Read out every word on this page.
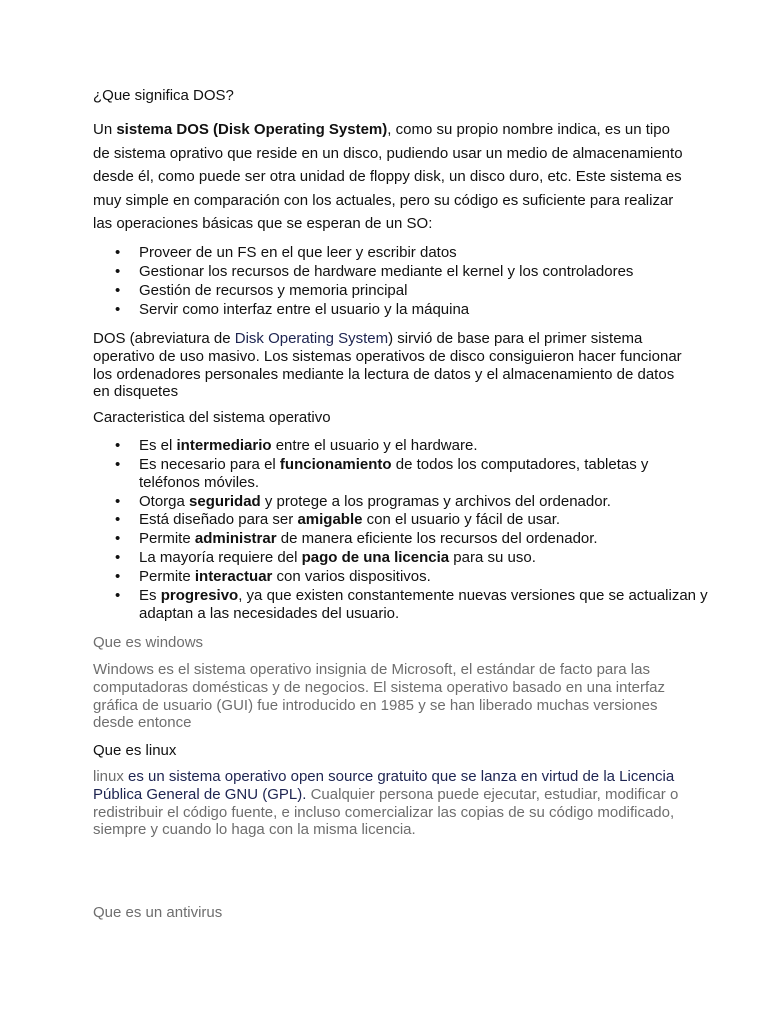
¿Que significa DOS?

Un sistema DOS (Disk Operating System), como su propio nombre indica, es un tipo de sistema oprativo que reside en un disco, pudiendo usar un medio de almacenamiento desde él, como puede ser otra unidad de floppy disk, un disco duro, etc. Este sistema es muy simple en comparación con los actuales, pero su código es suficiente para realizar las operaciones básicas que se esperan de un SO:

• Proveer de un FS en el que leer y escribir datos
• Gestionar los recursos de hardware mediante el kernel y los controladores
• Gestión de recursos y memoria principal
• Servir como interfaz entre el usuario y la máquina

DOS (abreviatura de Disk Operating System) sirvió de base para el primer sistema operativo de uso masivo. Los sistemas operativos de disco consiguieron hacer funcionar los ordenadores personales mediante la lectura de datos y el almacenamiento de datos en disquetes

Caracteristica del sistema operativo

• Es el intermediario entre el usuario y el hardware.
• Es necesario para el funcionamiento de todos los computadores, tabletas y teléfonos móviles.
• Otorga seguridad y protege a los programas y archivos del ordenador.
• Está diseñado para ser amigable con el usuario y fácil de usar.
• Permite administrar de manera eficiente los recursos del ordenador.
• La mayoría requiere del pago de una licencia para su uso.
• Permite interactuar con varios dispositivos.
• Es progresivo, ya que existen constantemente nuevas versiones que se actualizan y adaptan a las necesidades del usuario.

Que es windows

Windows es el sistema operativo insignia de Microsoft, el estándar de facto para las computadoras domésticas y de negocios. El sistema operativo basado en una interfaz gráfica de usuario (GUI) fue introducido en 1985 y se han liberado muchas versiones desde entonce

Que es linux

linux es un sistema operativo open source gratuito que se lanza en virtud de la Licencia Pública General de GNU (GPL). Cualquier persona puede ejecutar, estudiar, modificar o redistribuir el código fuente, e incluso comercializar las copias de su código modificado, siempre y cuando lo haga con la misma licencia.

Que es un antivirus
